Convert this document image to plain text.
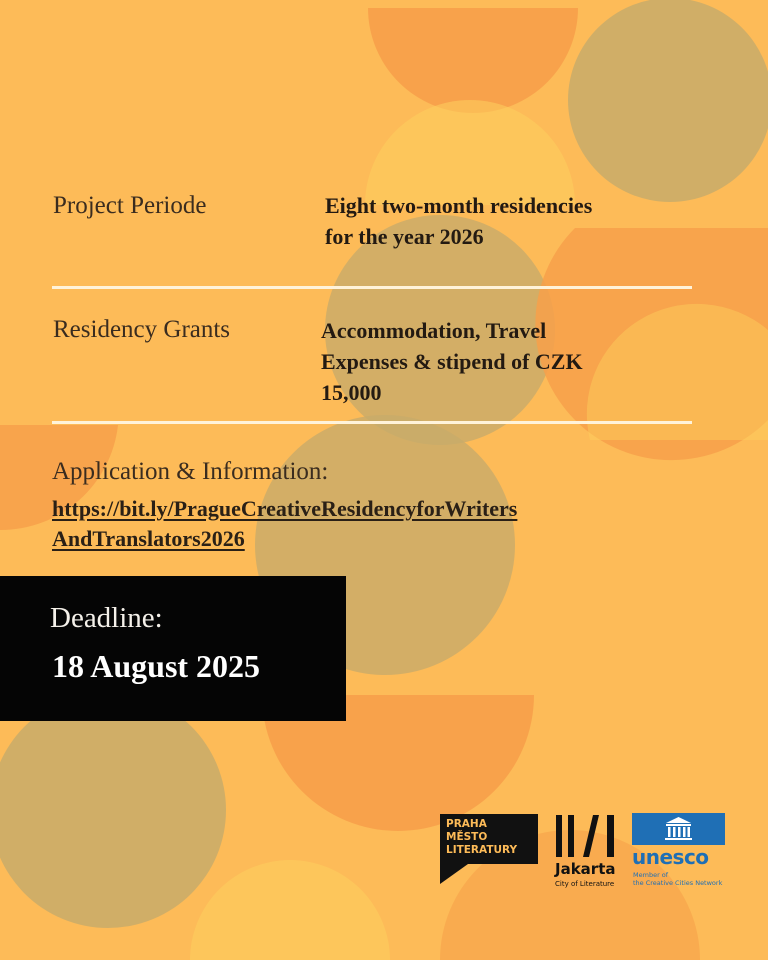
Project Periode	Eight two-month residencies
for the year 2026

Residency Grants	Accommodation, Travel
Expenses & stipend of CZK
15,000

Application & Information:

https://bit.ly/PragueCreativeResidencyforWriters
AndTranslators2026

Deadline:

18 August 2025

PRAHA
MĚSTO
LITERATURY

Jakarta

City of Literature

unesco

Member of
the Creative Cities Network
